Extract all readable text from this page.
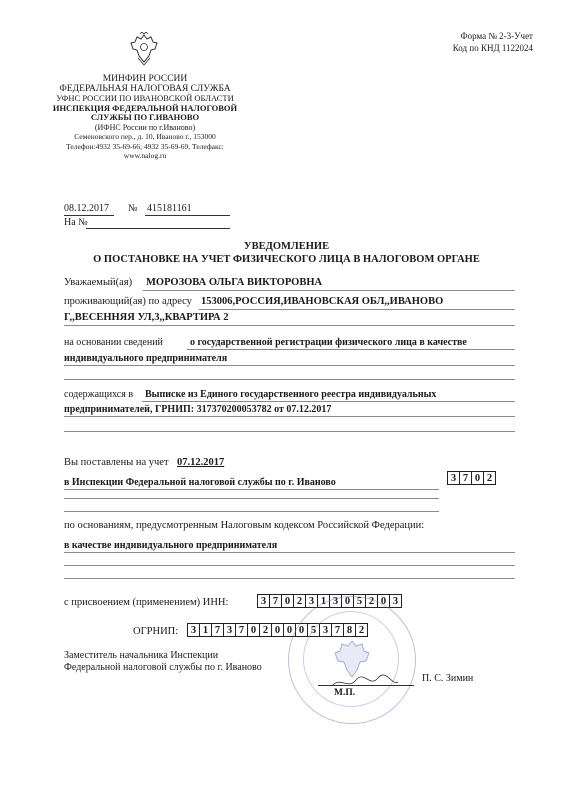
Форма № 2-3-Учет
Код по КНД 1122024
МИНФИН РОССИИ
ФЕДЕРАЛЬНАЯ НАЛОГОВАЯ СЛУЖБА
УФНС РОССИИ ПО ИВАНОВСКОЙ ОБЛАСТИ
ИНСПЕКЦИЯ ФЕДЕРАЛЬНОЙ НАЛОГОВОЙ
СЛУЖБЫ ПО Г.ИВАНОВО
(ИФНС России по г.Иваново)
Семеновского пер., д. 10, Иваново г., 153000
Телефон:4932 35-69-66; 4932 35-69-69, Телефакс:
www.nalog.ru
08.12.2017 № 415181161
На №
УВЕДОМЛЕНИЕ
О ПОСТАНОВКЕ НА УЧЕТ ФИЗИЧЕСКОГО ЛИЦА В НАЛОГОВОМ ОРГАНЕ
Уважаемый(ая) МОРОЗОВА ОЛЬГА ВИКТОРОВНА
проживающий(ая) по адресу 153006,РОССИЯ,ИВАНОВСКАЯ ОБЛ,,ИВАНОВО
Г,,ВЕСЕННЯЯ УЛ,3,,КВАРТИРА 2
на основании сведений	о государственной регистрации физического лица в качестве
индивидуального предпринимателя
содержащихся в Выписке из Единого государственного реестра индивидуальных
предпринимателей, ГРНИП: 317370200053782 от 07.12.2017
Вы поставлены на учет 07.12.2017
в Инспекции Федеральной налоговой службы по г. Иваново	3 7 0 2
по основаниям, предусмотренным Налоговым кодексом Российской Федерации:
в качестве индивидуального предпринимателя
с присвоением (применением) ИНН:	3 7 0 2 3 1 3 0 5 2 0 3
ОГРНИП:	3 1 7 3 7 0 2 0 0 0 5 3 7 8 2
Заместитель начальника Инспекции
Федеральной налоговой службы по г. Иваново
П. С. Зимин
М.П.
